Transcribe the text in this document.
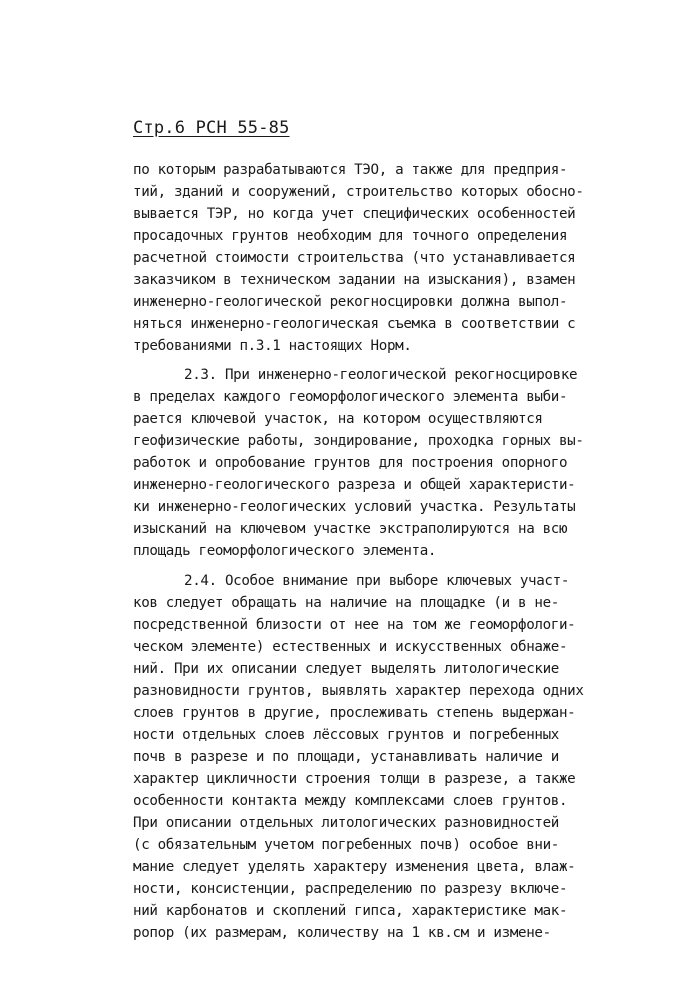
Стр.6 РСН 55-85
по которым разрабатываются ТЭО, а также для предприя-
тий, зданий и сооружений, строительство которых обосно-
вывается ТЭР, но когда учет специфических особенностей
просадочных грунтов необходим для точного определения
расчетной стоимости строительства (что устанавливается
заказчиком в техническом задании на изыскания), взамен
инженерно-геологической рекогносцировки должна выпол-
няться инженерно-геологическая съемка в соответствии с
требованиями п.3.1 настоящих Норм.
2.3. При инженерно-геологической рекогносцировке
в пределах каждого геоморфологического элемента выби-
рается ключевой участок, на котором осуществляются
геофизические работы, зондирование, проходка горных вы-
работок и опробование грунтов для построения опорного
инженерно-геологического разреза и общей характеристи-
ки инженерно-геологических условий участка. Результаты
изысканий на ключевом участке экстраполируются на всю
площадь геоморфологического элемента.
2.4. Особое внимание при выборе ключевых участ-
ков следует обращать на наличие на площадке (и в не-
посредственной близости от нее на том же геоморфологи-
ческом элементе) естественных и искусственных обнаже-
ний. При их описании следует выделять литологические
разновидности грунтов, выявлять характер перехода одних
слоев грунтов в другие, прослеживать степень выдержан-
ности отдельных слоев лёссовых грунтов и погребенных
почв в разрезе и по площади, устанавливать наличие и
характер цикличности строения толщи в разрезе, а также
особенности контакта между комплексами слоев грунтов.
При описании отдельных литологических разновидностей
(с обязательным учетом погребенных почв) особое вни-
мание следует уделять характеру изменения цвета, влаж-
ности, консистенции, распределению по разрезу включе-
ний карбонатов и скоплений гипса, характеристике мак-
ропор (их размерам, количеству на 1 кв.см и измене-
